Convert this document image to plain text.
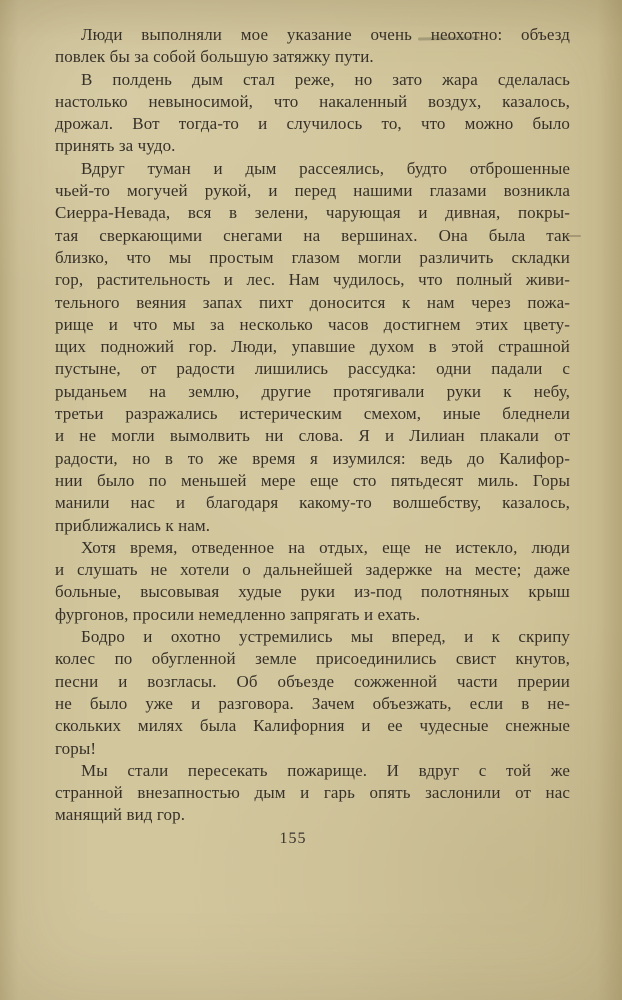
Люди выполняли мое указание очень неохотно: объезд
повлек бы за собой большую затяжку пути.
В полдень дым стал реже, но зато жара сделалась
настолько невыносимой, что накаленный воздух, казалось,
дрожал. Вот тогда-то и случилось то, что можно было
принять за чудо.
Вдруг туман и дым рассеялись, будто отброшенные
чьей-то могучей рукой, и перед нашими глазами возникла
Сиерра-Невада, вся в зелени, чарующая и дивная, покры-
тая сверкающими снегами на вершинах. Она была так
близко, что мы простым глазом могли различить складки
гор, растительность и лес. Нам чудилось, что полный живи-
тельного веяния запах пихт доносится к нам через пожа-
рище и что мы за несколько часов достигнем этих цвету-
щих подножий гор. Люди, упавшие духом в этой страшной
пустыне, от радости лишились рассудка: одни падали с
рыданьем на землю, другие протягивали руки к небу,
третьи разражались истерическим смехом, иные бледнели
и не могли вымолвить ни слова. Я и Лилиан плакали от
радости, но в то же время я изумился: ведь до Калифор-
нии было по меньшей мере еще сто пятьдесят миль. Горы
манили нас и благодаря какому-то волшебству, казалось,
приближались к нам.
Хотя время, отведенное на отдых, еще не истекло, люди
и слушать не хотели о дальнейшей задержке на месте; даже
больные, высовывая худые руки из-под полотняных крыш
фургонов, просили немедленно запрягать и ехать.
Бодро и охотно устремились мы вперед, и к скрипу
колес по обугленной земле присоединились свист кнутов,
песни и возгласы. Об объезде сожженной части прерии
не было уже и разговора. Зачем объезжать, если в не-
скольких милях была Калифорния и ее чудесные снежные
горы!
Мы стали пересекать пожарище. И вдруг с той же
странной внезапностью дым и гарь опять заслонили от нас
манящий вид гор.
155
